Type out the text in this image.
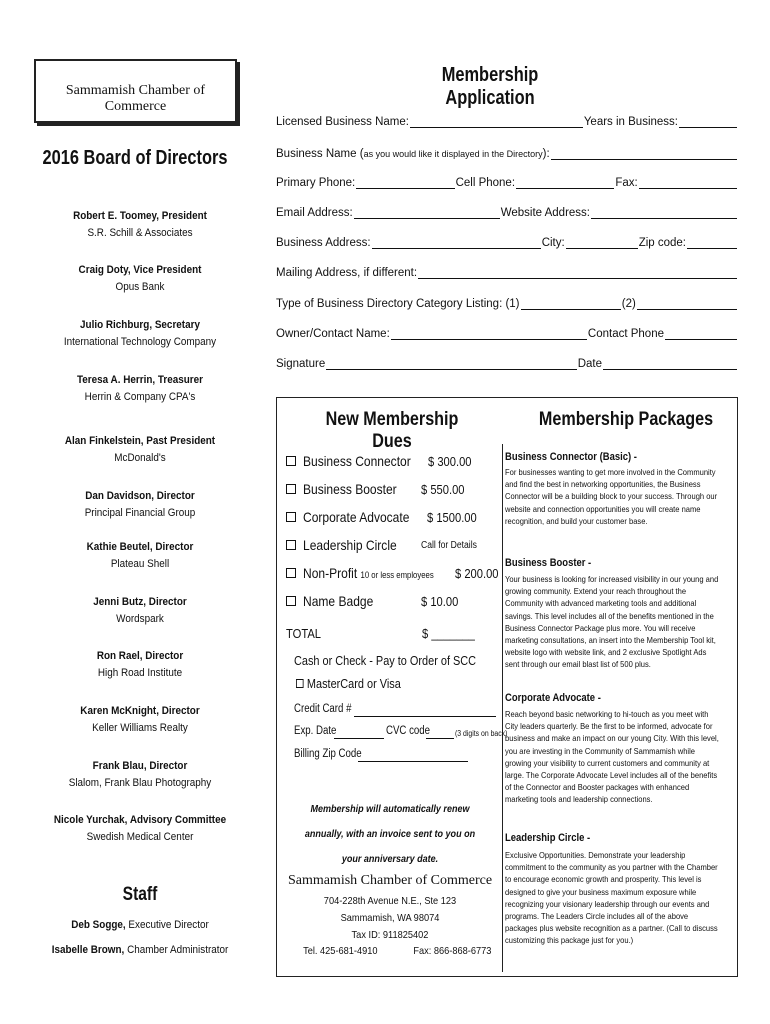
Sammamish Chamber of Commerce
2016 Board of Directors
Robert E. Toomey, President
S.R. Schill & Associates
Craig Doty, Vice President
Opus Bank
Julio Richburg, Secretary
International Technology Company
Teresa A. Herrin, Treasurer
Herrin & Company CPA's
Alan Finkelstein, Past President
McDonald's
Dan Davidson, Director
Principal Financial Group
Kathie Beutel, Director
Plateau Shell
Jenni Butz, Director
Wordspark
Ron Rael, Director
High Road Institute
Karen McKnight, Director
Keller Williams Realty
Frank Blau, Director
Slalom, Frank Blau Photography
Nicole Yurchak, Advisory Committee
Swedish Medical Center
Staff
Deb Sogge, Executive Director
Isabelle Brown, Chamber Administrator
Membership Application
Licensed Business Name:	Years in Business:
Business Name (as you would like it displayed in the Directory):
Primary Phone:	Cell Phone:	Fax:
Email Address:	Website Address:
Business Address:	City:	Zip code:
Mailing Address, if different:
Type of Business Directory Category Listing: (1)	(2)
Owner/Contact Name:	Contact Phone
Signature	Date
New Membership Dues
Membership Packages
Business Connector $ 300.00
Business Booster	$ 550.00
Corporate Advocate $ 1500.00
Leadership Circle	Call for Details
Non-Profit 10 or less employees $ 200.00
Name Badge	$ 10.00
TOTAL	$ _______
Cash or Check - Pay to Order of SCC
MasterCard or Visa
Credit Card #
Exp. Date	CVC code	(3 digits on back)
Billing Zip Code
Membership will automatically renew annually, with an invoice sent to you on your anniversary date.
Sammamish Chamber of Commerce
704-228th Avenue N.E., Ste 123
Sammamish, WA 98074
Tax ID: 911825402
Tel. 425-681-4910	Fax: 866-868-6773
Business Connector (Basic) -
For businesses wanting to get more involved in the Community and find the best in networking opportunities, the Business Connector will be a building block to your success. Through our website and connection opportunities you will create name recognition, and build your customer base.
Business Booster -
Your business is looking for increased visibility in our young and growing community. Extend your reach throughout the Community with advanced marketing tools and additional savings. This level includes all of the benefits mentioned in the Business Connector Package plus more. You will receive marketing consultations, an insert into the Membership Tool kit, website logo with website link, and 2 exclusive Spotlight Ads sent through our email blast list of 500 plus.
Corporate Advocate -
Reach beyond basic networking to hi-touch as you meet with City leaders quarterly. Be the first to be informed, advocate for business and make an impact on our young City. With this level, you are investing in the Community of Sammamish while growing your visibility to current customers and community at large. The Corporate Advocate Level includes all of the benefits of the Connector and Booster packages with enhanced marketing tools and leadership connections.
Leadership Circle -
Exclusive Opportunities. Demonstrate your leadership commitment to the community as you partner with the Chamber to encourage economic growth and prosperity. This level is designed to give your business maximum exposure while recognizing your visionary leadership through our events and programs. The Leaders Circle includes all of the above packages plus website recognition as a partner. (Call to discuss customizing this package just for you.)
